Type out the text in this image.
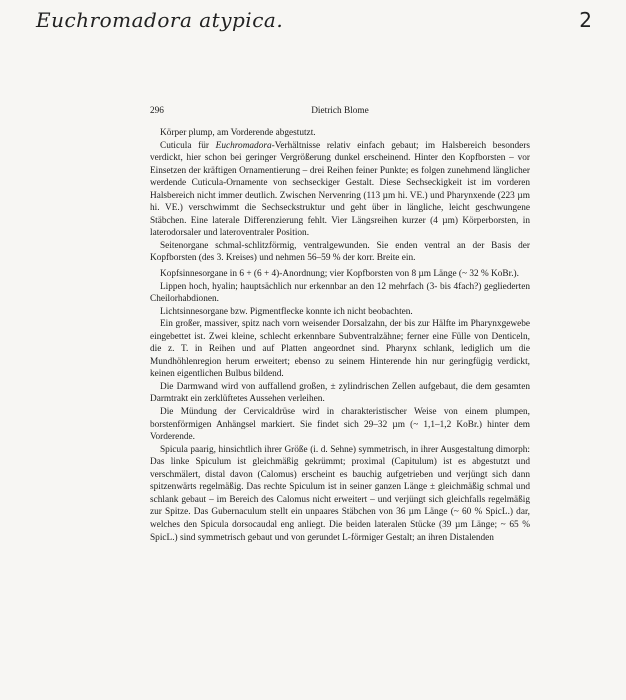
Euchromadora atypica.	2
296	Dietrich Blome

Körper plump, am Vorderende abgestutzt.

Cuticula für Euchromadora-Verhältnisse relativ einfach gebaut; im Halsbereich besonders verdickt, hier schon bei geringer Vergrößerung dunkel erscheinend. Hinter den Kopfborsten – vor Einsetzen der kräftigen Ornamentierung – drei Reihen feiner Punkte; es folgen zunehmend länglicher werdende Cuticula-Ornamente von sechseckiger Gestalt. Diese Sechseckigkeit ist im vorderen Halsbereich nicht immer deutlich. Zwischen Nervenring (113 µm hi. VE.) und Pharynxende (223 µm hi. VE.) verschwimmt die Sechseckstruktur und geht über in längliche, leicht geschwungene Stäbchen. Eine laterale Differenzierung fehlt. Vier Längsreihen kurzer (4 µm) Körperborsten, in laterodorsaler und lateroventraler Position.

Seitenorgane schmal-schlitzförmig, ventralgewunden. Sie enden ventral an der Basis der Kopfborsten (des 3. Kreises) und nehmen 56–59 % der korr. Breite ein.

Kopfsinnesorgane in 6 + (6 + 4)-Anordnung; vier Kopfborsten von 8 µm Länge (~ 32 % KoBr.).

Lippen hoch, hyalin; hauptsächlich nur erkennbar an den 12 mehrfach (3- bis 4fach?) gegliederten Cheilorhabdionen.

Lichtsinnesorgane bzw. Pigmentflecke konnte ich nicht beobachten.

Ein großer, massiver, spitz nach vorn weisender Dorsalzahn, der bis zur Hälfte im Pharynxgewebe eingebettet ist. Zwei kleine, schlecht erkennbare Subventralzähne; ferner eine Fülle von Denticeln, die z. T. in Reihen und auf Platten angeordnet sind. Pharynx schlank, lediglich um die Mundhöhlenregion herum erweitert; ebenso zu seinem Hinterende hin nur geringfügig verdickt, keinen eigentlichen Bulbus bildend.

Die Darmwand wird von auffallend großen, ± zylindrischen Zellen aufgebaut, die dem gesamten Darmtrakt ein zerklüftetes Aussehen verleihen.

Die Mündung der Cervicaldrüse wird in charakteristischer Weise von einem plumpen, borstenförmigen Anhängsel markiert. Sie findet sich 29–32 µm (~ 1,1–1,2 KoBr.) hinter dem Vorderende.

Spicula paarig, hinsichtlich ihrer Größe (i. d. Sehne) symmetrisch, in ihrer Ausgestaltung dimorph: Das linke Spiculum ist gleichmäßig gekrümmt; proximal (Capitulum) ist es abgestutzt und verschmälert, distal davon (Calomus) erscheint es bauchig aufgetrieben und verjüngt sich dann spitzenwärts regelmäßig. Das rechte Spiculum ist in seiner ganzen Länge ± gleichmäßig schmal und schlank gebaut – im Bereich des Calomus nicht erweitert – und verjüngt sich gleichfalls regelmäßig zur Spitze. Das Gubernaculum stellt ein unpaares Stäbchen von 36 µm Länge (~ 60 % SpicL.) dar, welches den Spicula dorsocaudal eng anliegt. Die beiden lateralen Stücke (39 µm Länge; ~ 65 % SpicL.) sind symmetrisch gebaut und von gerundet L-förmiger Gestalt; an ihren Distalenden
